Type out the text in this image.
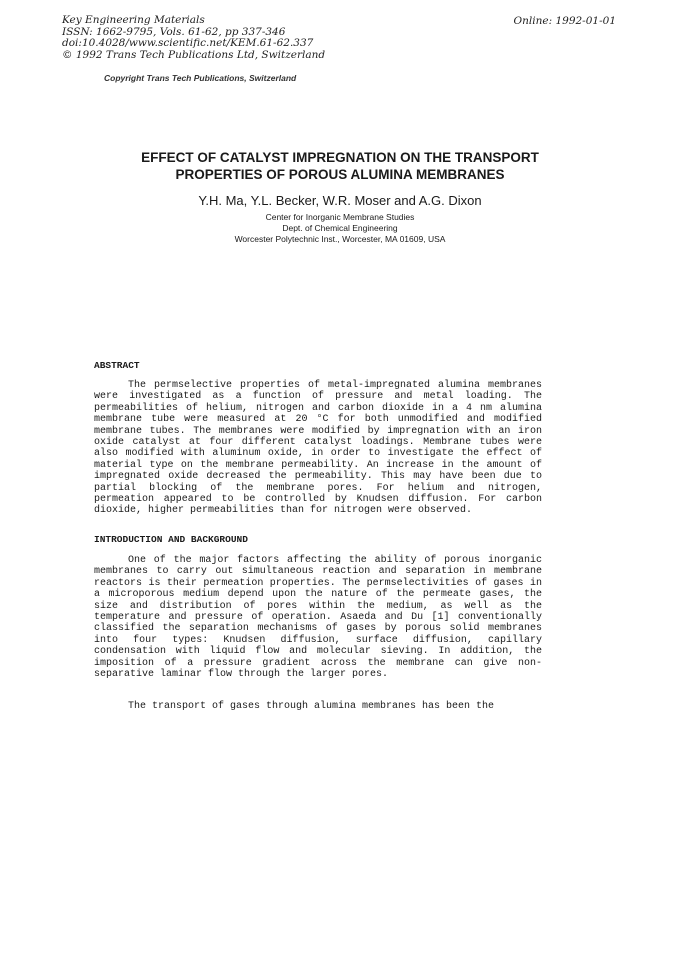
Key Engineering Materials
ISSN: 1662-9795, Vols. 61-62, pp 337-346
doi:10.4028/www.scientific.net/KEM.61-62.337
© 1992 Trans Tech Publications Ltd, Switzerland
Online: 1992-01-01
Copyright Trans Tech Publications, Switzerland
EFFECT OF CATALYST IMPREGNATION ON THE TRANSPORT
PROPERTIES OF POROUS ALUMINA MEMBRANES
Y.H. Ma, Y.L. Becker, W.R. Moser and A.G. Dixon
Center for Inorganic Membrane Studies
Dept. of Chemical Engineering
Worcester Polytechnic Inst., Worcester, MA 01609, USA
ABSTRACT

The permselective properties of metal-impregnated alumina membranes were investigated as a function of pressure and metal loading. The permeabilities of helium, nitrogen and carbon dioxide in a 4 nm alumina membrane tube were measured at 20 °C for both unmodified and modified membrane tubes. The membranes were modified by impregnation with an iron oxide catalyst at four different catalyst loadings. Membrane tubes were also modified with aluminum oxide, in order to investigate the effect of material type on the membrane permeability. An increase in the amount of impregnated oxide decreased the permeability. This may have been due to partial blocking of the membrane pores. For helium and nitrogen, permeation appeared to be controlled by Knudsen diffusion. For carbon dioxide, higher permeabilities than for nitrogen were observed.

INTRODUCTION AND BACKGROUND

One of the major factors affecting the ability of porous inorganic membranes to carry out simultaneous reaction and separation in membrane reactors is their permeation properties. The permselectivities of gases in a microporous medium depend upon the nature of the permeate gases, the size and distribution of pores within the medium, as well as the temperature and pressure of operation. Asaeda and Du [1] conventionally classified the separation mechanisms of gases by porous solid membranes into four types: Knudsen diffusion, surface diffusion, capillary condensation with liquid flow and molecular sieving. In addition, the imposition of a pressure gradient across the membrane can give non-separative laminar flow through the larger pores.

The transport of gases through alumina membranes has been the
